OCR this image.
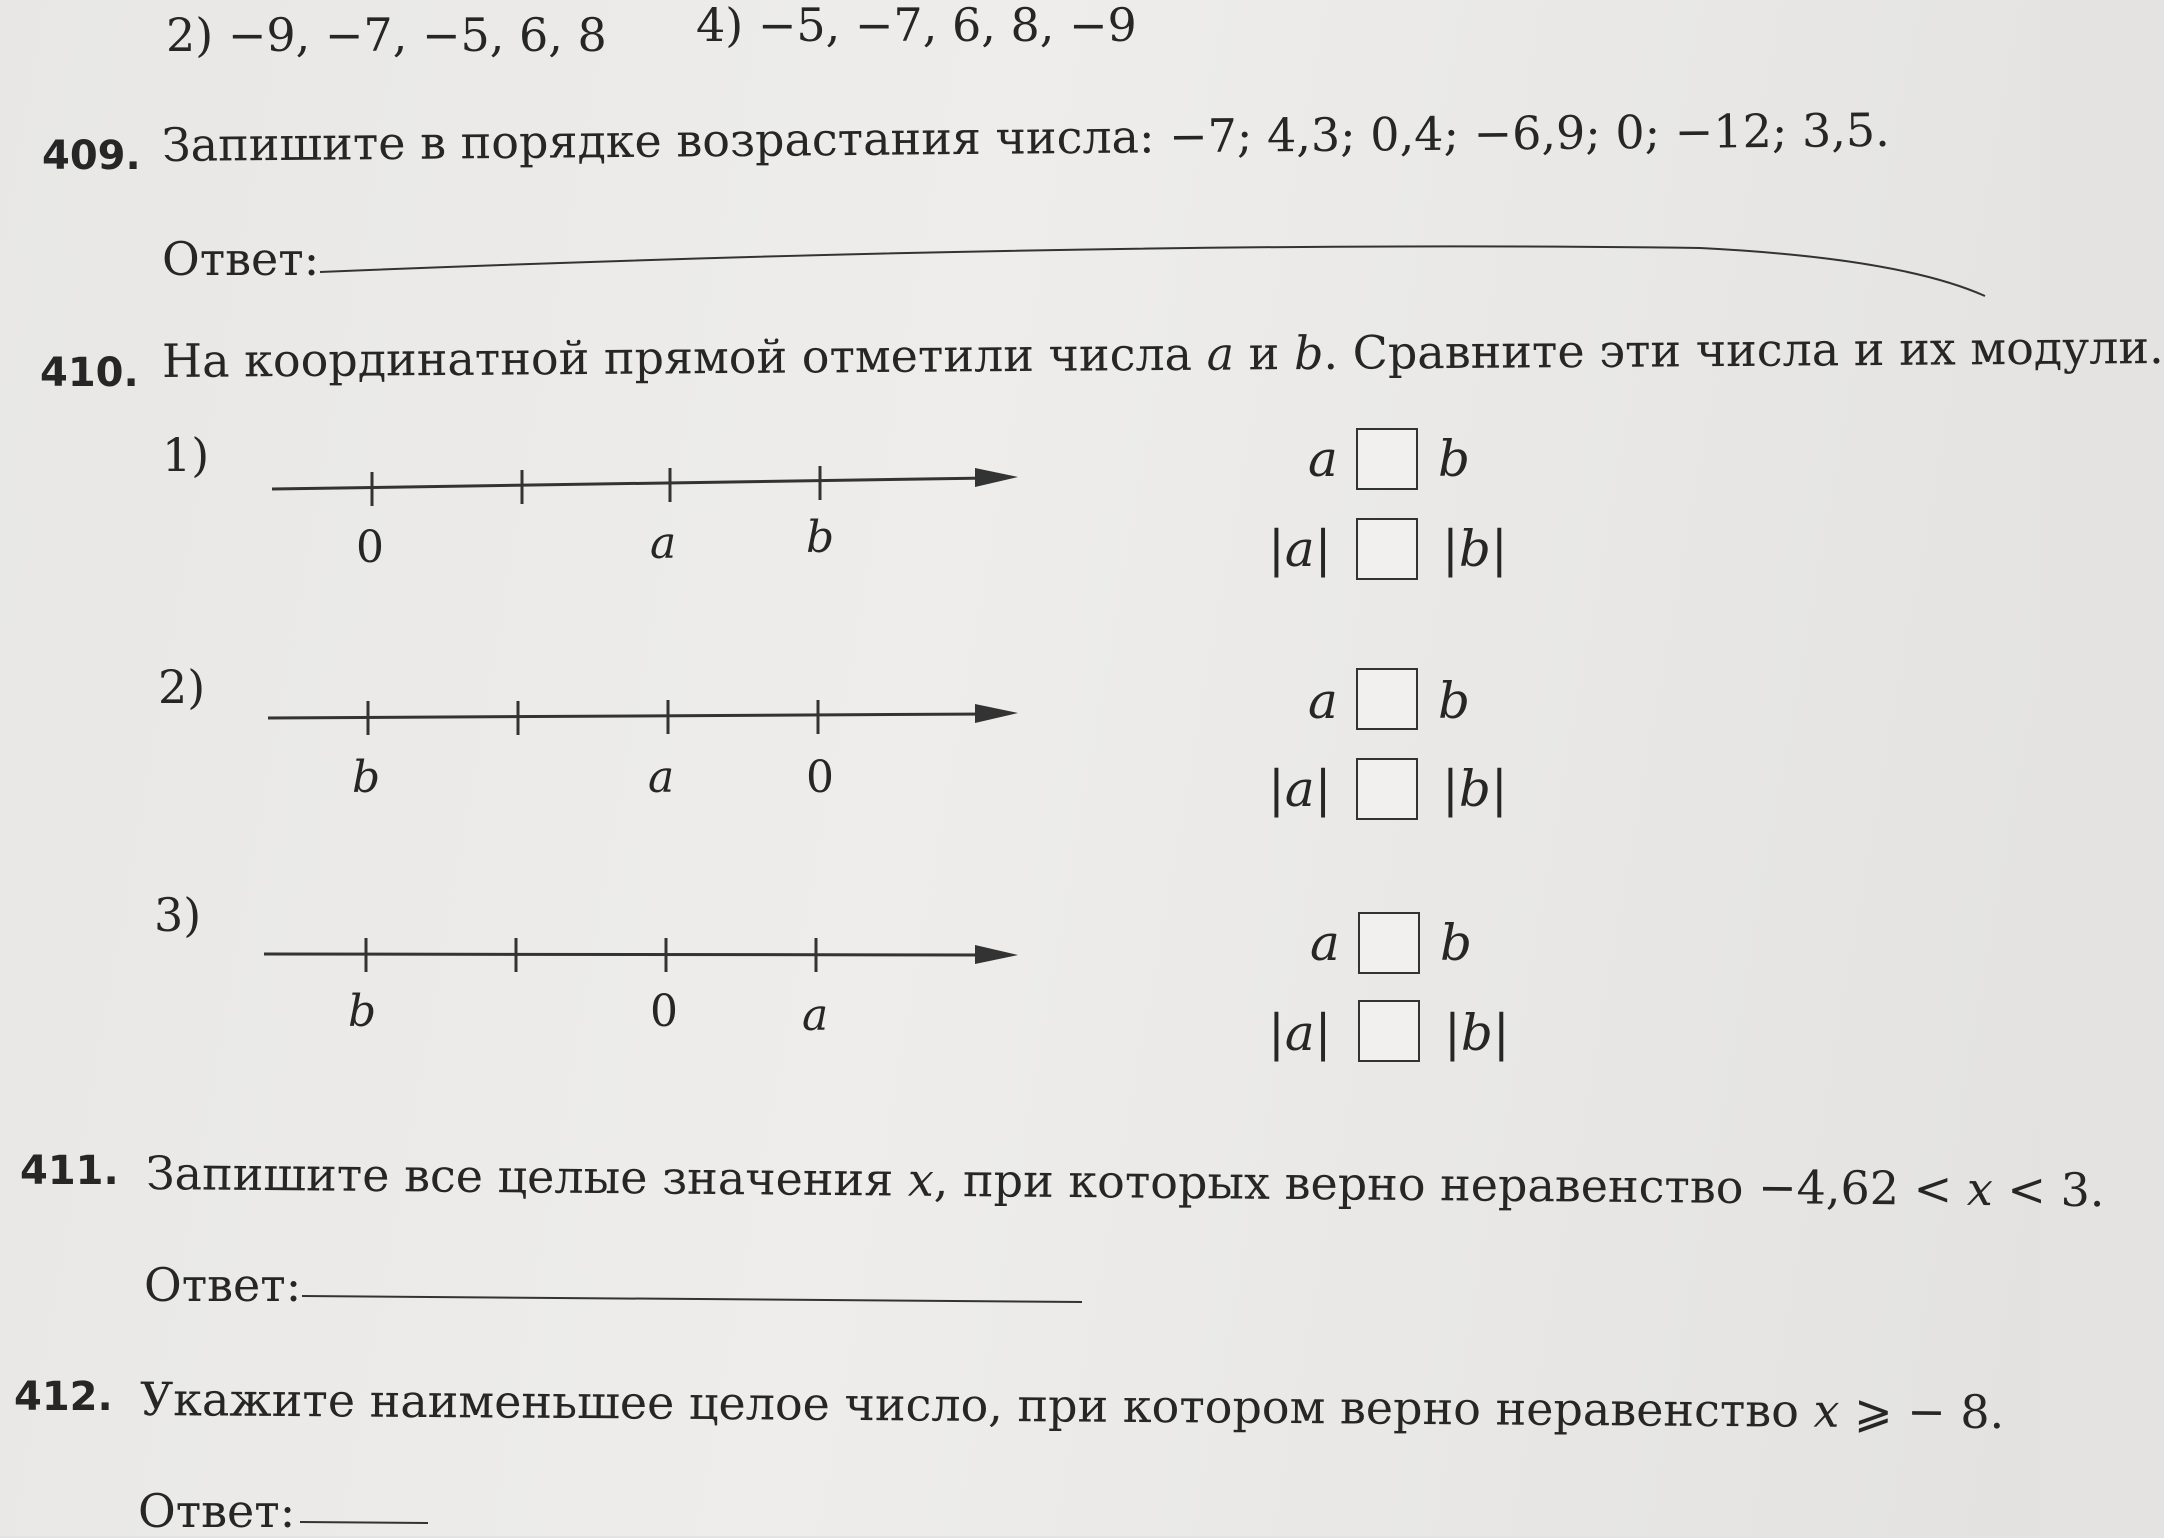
2) −9, −7, −5, 6, 8 4) −5, −7, 6, 8, −9
409. Запишите в порядке возрастания числа: −7; 4,3; 0,4; −6,9; 0; −12; 3,5.
Ответ:
410. На координатной прямой отметили числа a и b. Сравните эти числа и их модули.
1)
0	a	b
a b
|a| |b|
2)
b	a	0
a b
|a| |b|
3)
b	0	a
a b
|a| |b|
411. Запишите все целые значения x, при которых верно неравенство −4,62 < x < 3.
Ответ:
412. Укажите наименьшее целое число, при котором верно неравенство x ⩾ − 8.
Ответ:
